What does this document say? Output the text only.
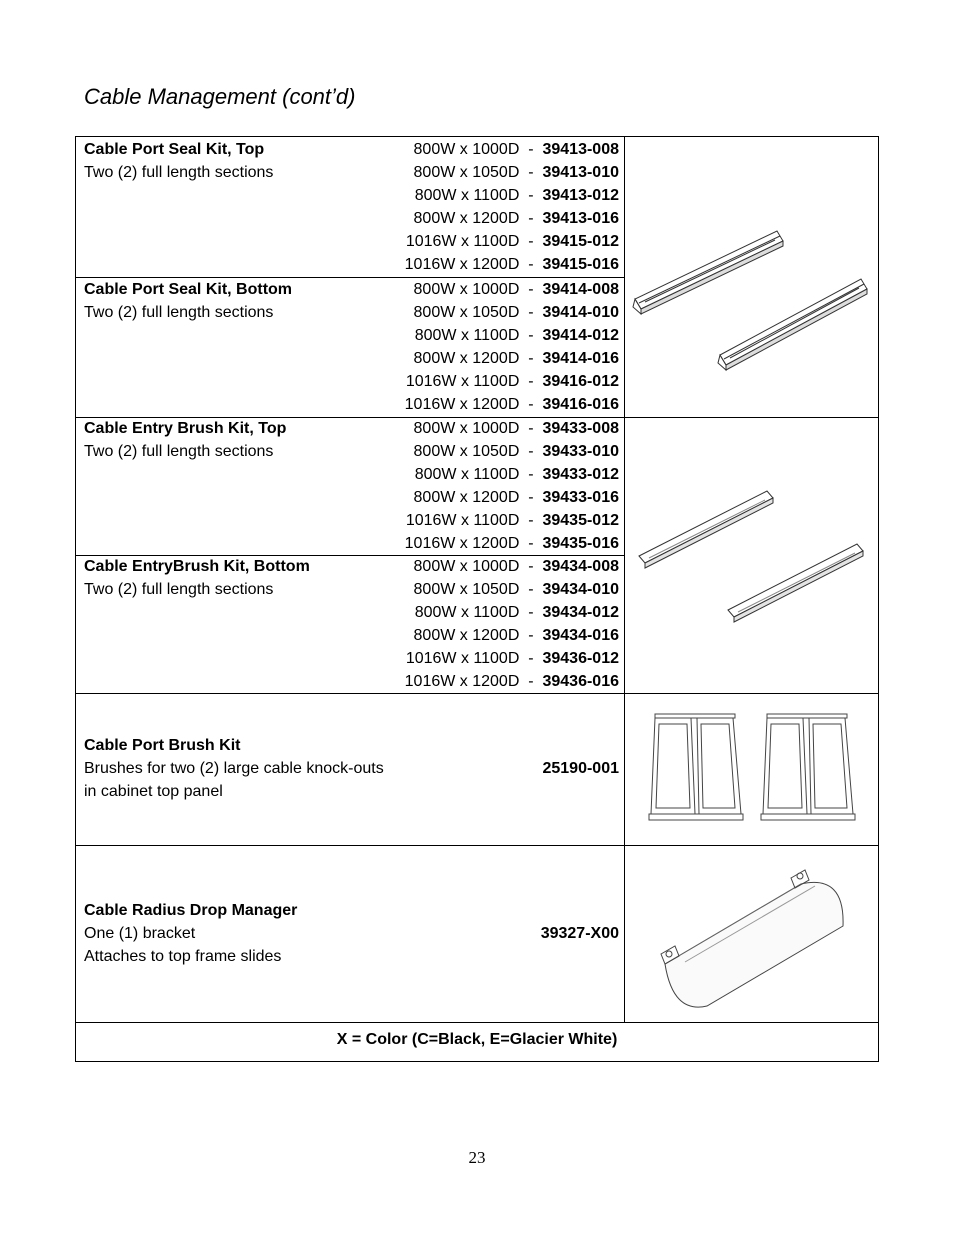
Cable Management (cont’d)
Cable Port Seal Kit, Top
Two (2) full length sections
800W x 1000D  -  39413-008
800W x 1050D  -  39413-010
800W x 1100D  -  39413-012
800W x 1200D  -  39413-016
1016W x 1100D  -  39415-012
1016W x 1200D  -  39415-016
Cable Port Seal Kit, Bottom
Two (2) full length sections
800W x 1000D  -  39414-008
800W x 1050D  -  39414-010
800W x 1100D  -  39414-012
800W x 1200D  -  39414-016
1016W x 1100D  -  39416-012
1016W x 1200D  -  39416-016
Cable Entry Brush Kit, Top
Two (2) full length sections
800W x 1000D  -  39433-008
800W x 1050D  -  39433-010
800W x 1100D  -  39433-012
800W x 1200D  -  39433-016
1016W x 1100D  -  39435-012
1016W x 1200D  -  39435-016
Cable EntryBrush Kit, Bottom
Two (2) full length sections
800W x 1000D  -  39434-008
800W x 1050D  -  39434-010
800W x 1100D  -  39434-012
800W x 1200D  -  39434-016
1016W x 1100D  -  39436-012
1016W x 1200D  -  39436-016
Cable Port Brush Kit
Brushes for two (2) large cable knock-outs
in cabinet top panel
25190-001
Cable Radius Drop Manager
One (1) bracket
Attaches to top frame slides
39327-X00
X = Color (C=Black, E=Glacier White)
23
